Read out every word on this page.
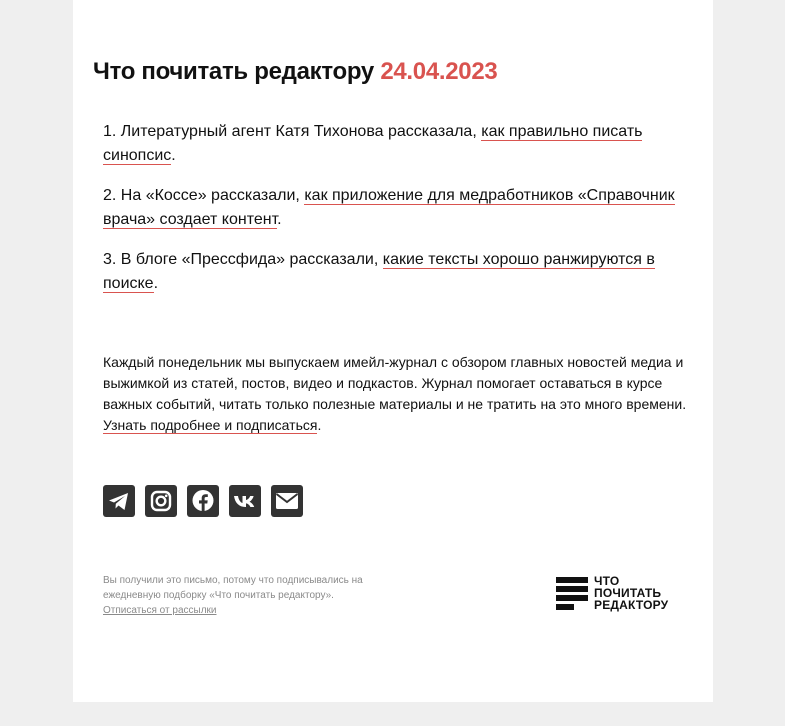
Что почитать редактору 24.04.2023

1. Литературный агент Катя Тихонова рассказала, как правильно писать синопсис.

2. На «Коссе» рассказали, как приложение для медработников «Справочник врача» создает контент.

3. В блоге «Прессфида» рассказали, какие тексты хорошо ранжируются в поиске.

Каждый понедельник мы выпускаем имейл-журнал с обзором главных новостей медиа и выжимкой из статей, постов, видео и подкастов. Журнал помогает оставаться в курсе важных событий, читать только полезные материалы и не тратить на это много времени. Узнать подробнее и подписаться.

Вы получили это письмо, потому что подписывались на ежедневную подборку «Что почитать редактору».
Отписаться от рассылки

ЧТО
ПОЧИТАТЬ
РЕДАКТОРУ
